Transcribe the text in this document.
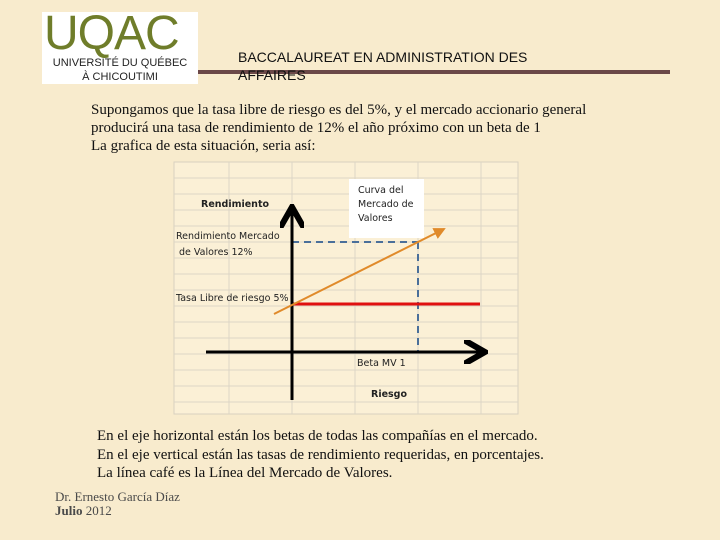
UQAC
UNIVERSITÉ DU QUÉBEC
À CHICOUTIMI
BACCALAUREAT EN ADMINISTRATION DES
AFFAIRES
Supongamos que la tasa libre de riesgo es del 5%, y el mercado accionario general
producirá una tasa de rendimiento de 12% el año próximo con un beta de 1
La grafica de esta situación, seria así:
Rendimiento
Rendimiento Mercado
de Valores 12%
Tasa Libre de riesgo 5%
Beta MV 1
Riesgo
Curva del
Mercado de
Valores
En el eje horizontal están los betas de todas las compañías en el mercado.
En el eje vertical están las tasas de rendimiento requeridas, en porcentajes.
La línea café es la Línea del Mercado de Valores.
Dr. Ernesto García Díaz
Julio 2012
